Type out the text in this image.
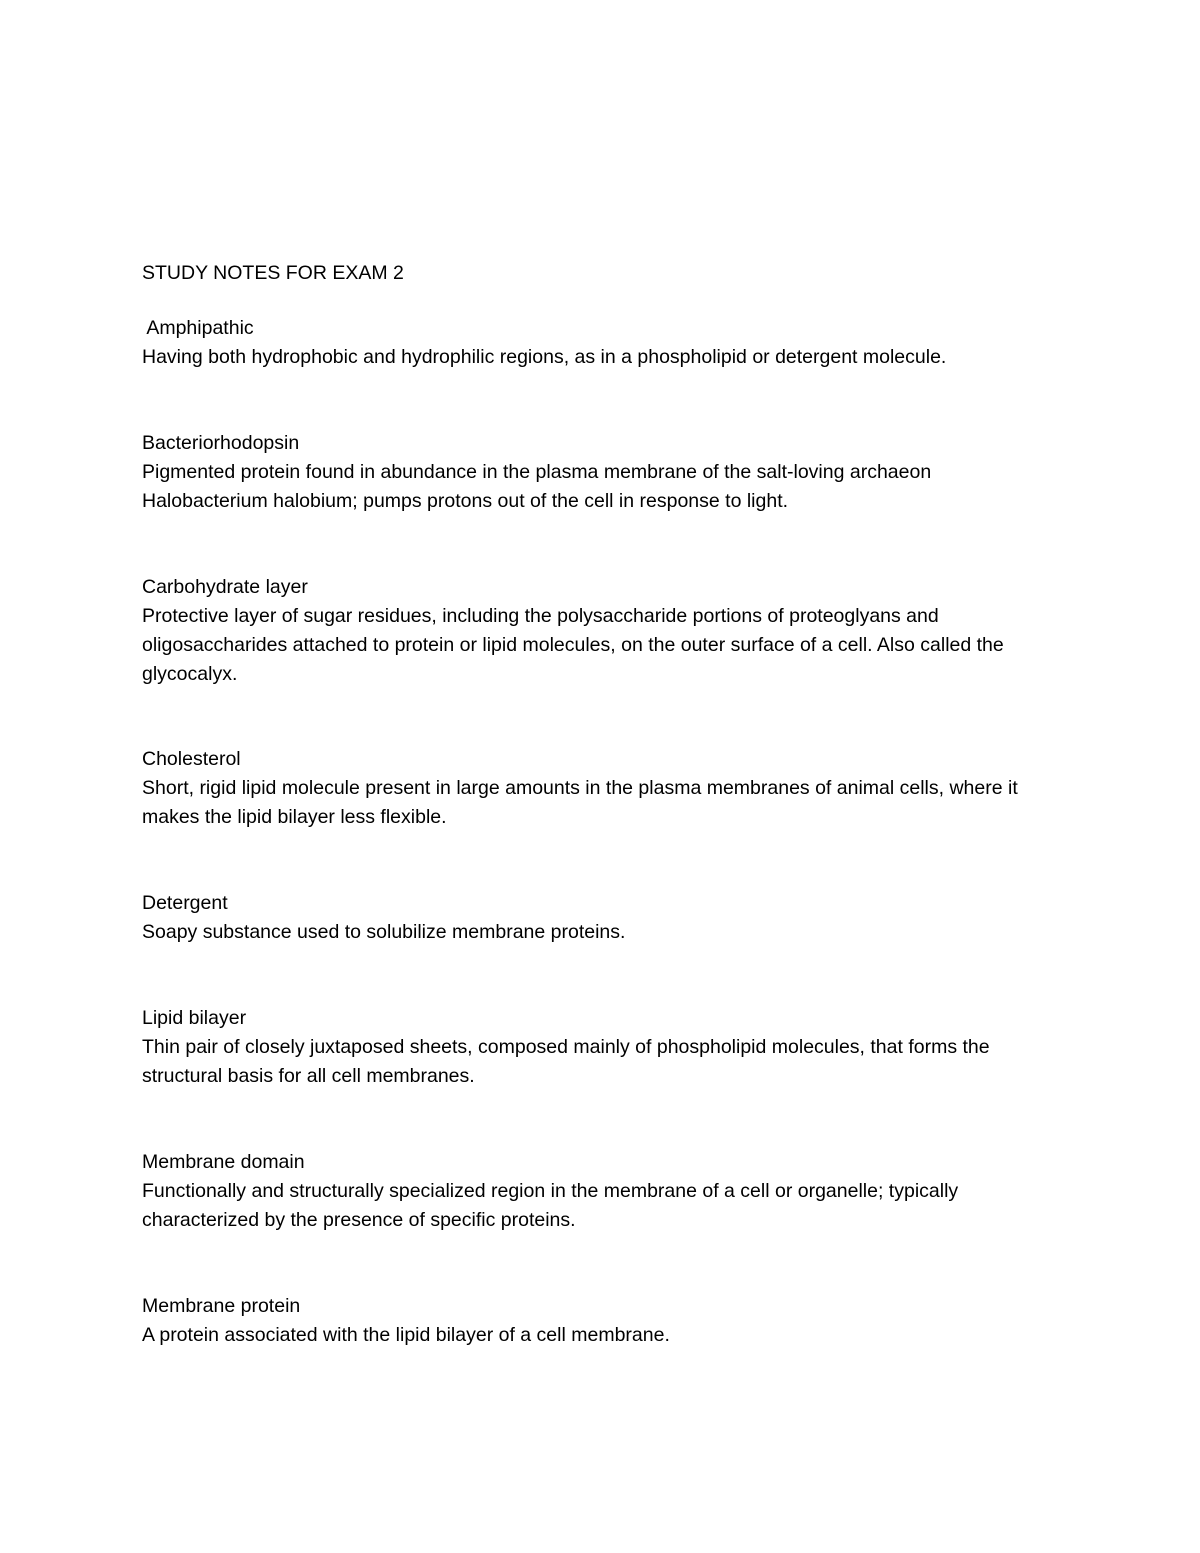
STUDY NOTES FOR EXAM 2

Amphipathic

Having both hydrophobic and hydrophilic regions, as in a phospholipid or detergent molecule.

Bacteriorhodopsin

Pigmented protein found in abundance in the plasma membrane of the salt-loving archaeon Halobacterium halobium; pumps protons out of the cell in response to light.

Carbohydrate layer

Protective layer of sugar residues, including the polysaccharide portions of proteoglyans and oligosaccharides attached to protein or lipid molecules, on the outer surface of a cell. Also called the glycocalyx.

Cholesterol

Short, rigid lipid molecule present in large amounts in the plasma membranes of animal cells, where it makes the lipid bilayer less flexible.

Detergent

Soapy substance used to solubilize membrane proteins.

Lipid bilayer

Thin pair of closely juxtaposed sheets, composed mainly of phospholipid molecules, that forms the structural basis for all cell membranes.

Membrane domain

Functionally and structurally specialized region in the membrane of a cell or organelle; typically characterized by the presence of specific proteins.

Membrane protein

A protein associated with the lipid bilayer of a cell membrane.
